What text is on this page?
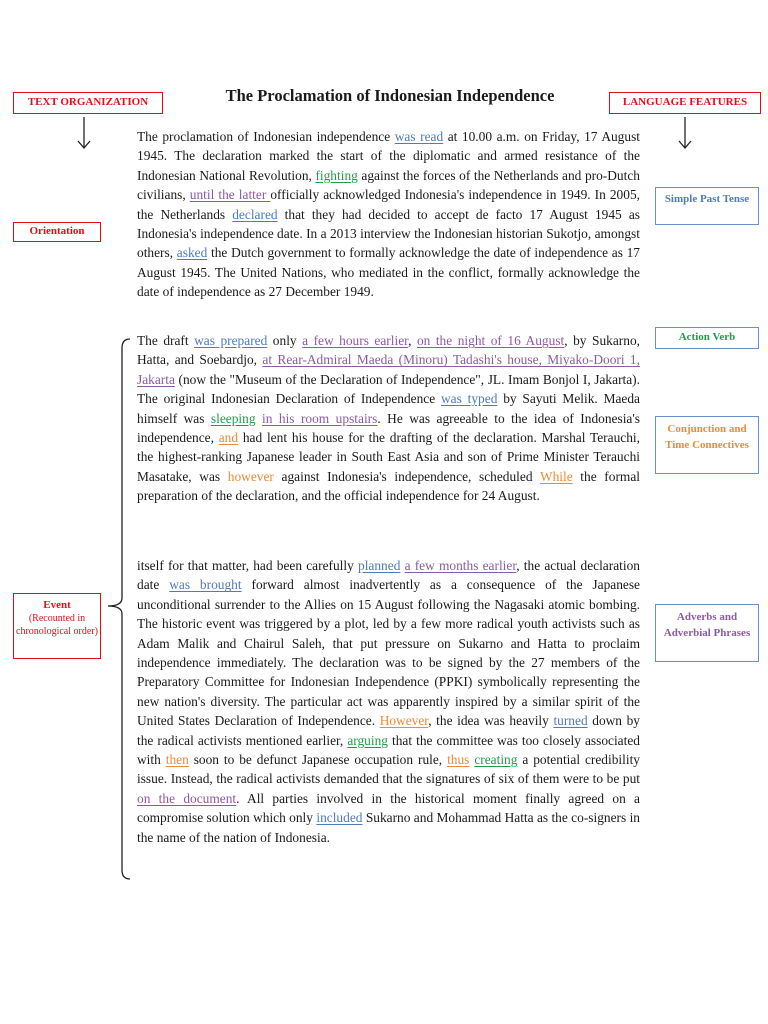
The Proclamation of Indonesian Independence
TEXT ORGANIZATION
Orientation
Event
(Recounted in chronological order)
LANGUAGE FEATURES
Simple Past Tense
Action Verb
Conjunction and Time Connectives
Adverbs and Adverbial Phrases

The proclamation of Indonesian independence was read at 10.00 a.m. on Friday, 17 August 1945. The declaration marked the start of the diplomatic and armed resistance of the Indonesian National Revolution, fighting against the forces of the Netherlands and pro-Dutch civilians, until the latter officially acknowledged Indonesia's independence in 1949. In 2005, the Netherlands declared that they had decided to accept de facto 17 August 1945 as Indonesia's independence date. In a 2013 interview the Indonesian historian Sukotjo, amongst others, asked the Dutch government to formally acknowledge the date of independence as 17 August 1945. The United Nations, who mediated in the conflict, formally acknowledge the date of independence as 27 December 1949.

The draft was prepared only a few hours earlier, on the night of 16 August, by Sukarno, Hatta, and Soebardjo, at Rear-Admiral Maeda (Minoru) Tadashi's house, Miyako-Doori 1, Jakarta (now the "Museum of the Declaration of Independence", JL. Imam Bonjol I, Jakarta). The original Indonesian Declaration of Independence was typed by Sayuti Melik. Maeda himself was sleeping in his room upstairs. He was agreeable to the idea of Indonesia's independence, and had lent his house for the drafting of the declaration. Marshal Terauchi, the highest-ranking Japanese leader in South East Asia and son of Prime Minister Terauchi Masatake, was however against Indonesia's independence, scheduled While the formal preparation of the declaration, and the official independence for 24 August.

itself for that matter, had been carefully planned a few months earlier, the actual declaration date was brought forward almost inadvertently as a consequence of the Japanese unconditional surrender to the Allies on 15 August following the Nagasaki atomic bombing. The historic event was triggered by a plot, led by a few more radical youth activists such as Adam Malik and Chairul Saleh, that put pressure on Sukarno and Hatta to proclaim independence immediately. The declaration was to be signed by the 27 members of the Preparatory Committee for Indonesian Independence (PPKI) symbolically representing the new nation's diversity. The particular act was apparently inspired by a similar spirit of the United States Declaration of Independence. However, the idea was heavily turned down by the radical activists mentioned earlier, arguing that the committee was too closely associated with then soon to be defunct Japanese occupation rule, thus creating a potential credibility issue. Instead, the radical activists demanded that the signatures of six of them were to be put on the document. All parties involved in the historical moment finally agreed on a compromise solution which only included Sukarno and Mohammad Hatta as the co-signers in the name of the nation of Indonesia.
